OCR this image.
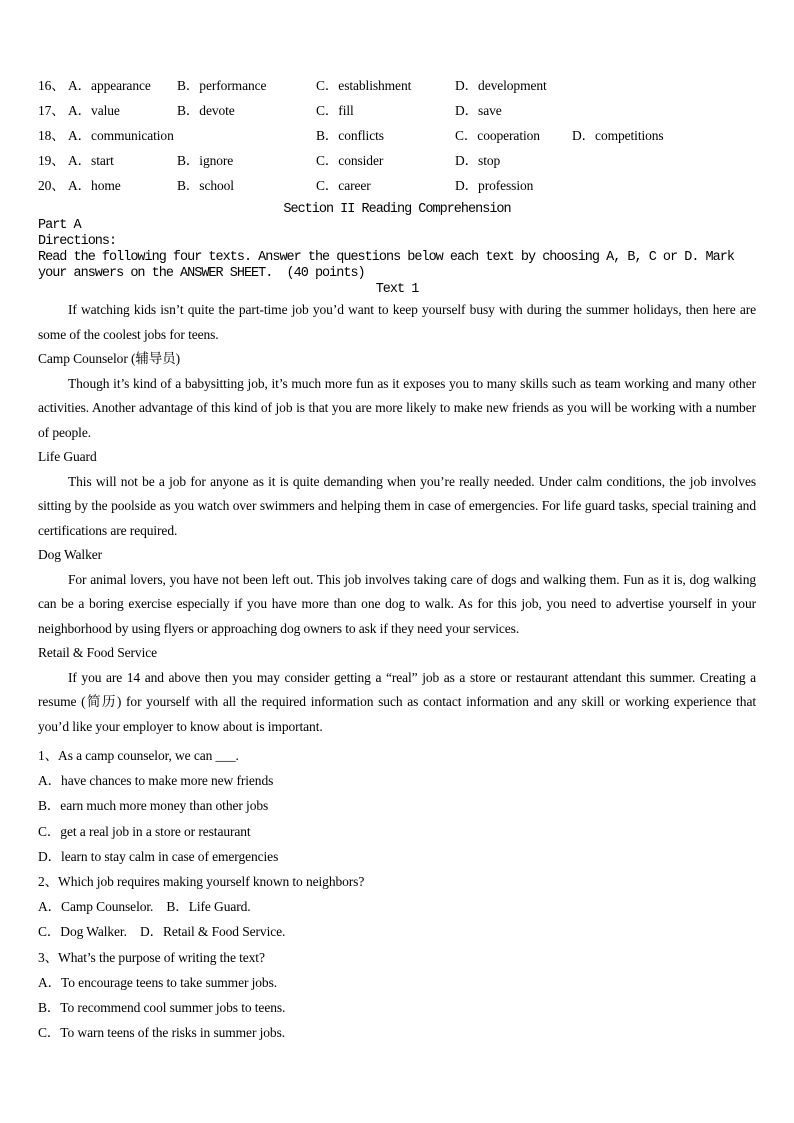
16、 A．appearance B．performance	C．establishment	D．development
17、 A．value	B．devote	C．fill	D．save
18、 A．communication	B．conflicts	C．cooperation D．competitions
19、 A．start	B．ignore	C．consider	D．stop
20、 A．home	B．school	C．career	D．profession
Section II Reading Comprehension
Part A
Directions:
Read the following four texts. Answer the questions below each text by choosing A, B, C or D. Mark
your answers on the ANSWER SHEET.  (40 points)
Text 1
If watching kids isn’t quite the part-time job you’d want to keep yourself busy with during the summer holidays, then here are some of the coolest jobs for teens.
Camp Counselor (辅导员)
Though it’s kind of a babysitting job, it’s much more fun as it exposes you to many skills such as team working and many other activities. Another advantage of this kind of job is that you are more likely to make new friends as you will be working with a number of people.
Life Guard
This will not be a job for anyone as it is quite demanding when you’re really needed. Under calm conditions, the job involves sitting by the poolside as you watch over swimmers and helping them in case of emergencies. For life guard tasks, special training and certifications are required.
Dog Walker
For animal lovers, you have not been left out. This job involves taking care of dogs and walking them. Fun as it is, dog walking can be a boring exercise especially if you have more than one dog to walk. As for this job, you need to advertise yourself in your neighborhood by using flyers or approaching dog owners to ask if they need your services.
Retail & Food Service
If you are 14 and above then you may consider getting a “real” job as a store or restaurant attendant this summer. Creating a resume (简历) for yourself with all the required information such as contact information and any skill or working experience that you’d like your employer to know about is important.
1、As a camp counselor, we can ___.
A．have chances to make more new friends
B．earn much more money than other jobs
C．get a real job in a store or restaurant
D．learn to stay calm in case of emergencies
2、Which job requires making yourself known to neighbors?
A．Camp Counselor.    B．Life Guard.
C．Dog Walker.    D．Retail & Food Service.
3、What’s the purpose of writing the text?
A．To encourage teens to take summer jobs.
B．To recommend cool summer jobs to teens.
C．To warn teens of the risks in summer jobs.
